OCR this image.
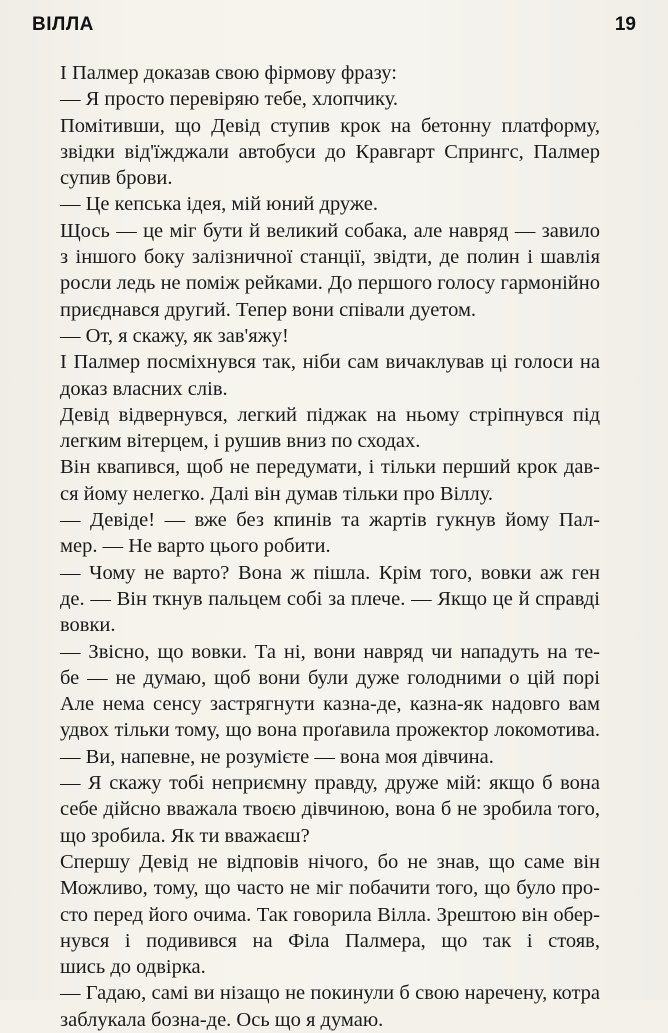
ВІЛЛА	19
І Палмер доказав свою фірмову фразу:
— Я просто перевіряю тебе, хлопчику.
Помітивши, що Девід ступив крок на бетонну платформу,
звідки від'їжджали автобуси до Кравгарт Спрингс, Палмер
супив брови.
— Це кепська ідея, мій юний друже.
Щось — це міг бути й великий собака, але навряд — завило
з іншого боку залізничної станції, звідти, де полин і шавлія
росли ледь не поміж рейками. До першого голосу гармонійно
приєднався другий. Тепер вони співали дуетом.
— От, я скажу, як зав'яжу!
І Палмер посміхнувся так, ніби сам вичаклував ці голоси на
доказ власних слів.
Девід відвернувся, легкий піджак на ньому стріпнувся під
легким вітерцем, і рушив вниз по сходах.
Він квапився, щоб не передумати, і тільки перший крок дав-
ся йому нелегко. Далі він думав тільки про Віллу.
— Девіде! — вже без кпинів та жартів гукнув йому Пал-
мер. — Не варто цього робити.
— Чому не варто? Вона ж пішла. Крім того, вовки аж ген
де. — Він ткнув пальцем собі за плече. — Якщо це й справді
вовки.
— Звісно, що вовки. Та ні, вони навряд чи нападуть на те-
бе — не думаю, щоб вони були дуже голодними о цій порі
Але нема сенсу застрягнути казна-де, казна-як надовго вам
удвох тільки тому, що вона проґавила прожектор локомотива.
— Ви, напевне, не розумієте — вона моя дівчина.
— Я скажу тобі неприємну правду, друже мій: якщо б вона
себе дійсно вважала твоєю дівчиною, вона б не зробила того,
що зробила. Як ти вважаєш?
Спершу Девід не відповів нічого, бо не знав, що саме він
Можливо, тому, що часто не міг побачити того, що було про-
сто перед його очима. Так говорила Вілла. Зрештою він обер-
нувся і подивився на Філа Палмера, що так і стояв,
шись до одвірка.
— Гадаю, самі ви нізащо не покинули б свою наречену, котра
заблукала бозна-де. Ось що я думаю.
